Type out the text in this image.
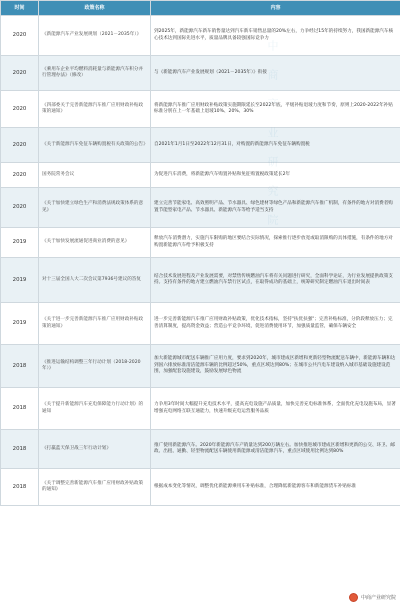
时间	政策名称	内容
2020	《新能源汽车产业发展规划（2021－2035年）》	到2025年，新能源汽车新车销售量达到汽车新车销售总量的20%左右，力争经过15年的持续努力，我国新能源汽车核心技术达到国际先进水平，质量品牌具备较强国际竞争力
2020	《乘用车企业平均燃料消耗量与新能源汽车积分并行管理办法》（修改）	与《新能源汽车产业发展规划（2021－2035年）》衔接
2020	《四部委关于完善新能源汽车推广应用财政补贴政策的通知》	将新能源汽车推广应用财政补贴政策实施期限延长至2022年底，平缓补贴退坡力度和节奏，原则上2020-2022年补贴标准分别在上一年基础上退坡10%、20%、30%
2020	《关于新能源汽车免征车辆购置税有关政策的公告》	自2021年1月1日至2022年12月31日，对购置的新能源汽车免征车辆购置税
2020	国务院常务会议	为促进汽车消费，将新能源汽车购置补贴和免征购置税政策延长2年
2020	《关于加快建立绿色生产和消费法规政策体系的意见》	建立完善节能家电、高效照明产品、节水器具、绿色建材等绿色产品和新能源汽车推广机制，有条件的地方对消费者购置节能型家电产品、节水器具、新能源汽车等给予适当支持
2019	《关于加快发展流通促进商业消费的意见》	释放汽车消费潜力，实施汽车限购的地区要结合实际情况，探索推行逐步放宽或取消限购的具体措施，有条件的地方对购置新能源汽车给予积极支持
2019	对十三届全国人大二次会议第7936号建议的答复	结合技术发展进程及产业发展需要，对禁售传统燃油汽车将有关问题进行研究，全面科学论证，为行业发展提供政策支持。支持有条件的地方建立燃油汽车禁行区试点，在取得成功的基础上，统筹研究制定燃油汽车退出时间表
2019	《关于进一步完善新能源汽车推广应用财政补贴政策的通知》	进一步完善新能源汽车推广应用财政补贴政策，优化技术指标，坚持"扶优扶强"；完善补贴标准，分阶段释放压力；完善清算制度，提高资金效益；营造公平竞争环境，促进消费使用环节，加强质量监管，确保车辆安全
2018	《推进运输结构调整三年行动计划（2018-2020年）》	加大新能源城市配送车辆推广应用力度，要求到2020年，城市建成区新增和更新轻型物流配送车辆中，新能源车辆和达到国六排放标准清洁能源车辆的比例超过50%，重点区域达到80%；在城市公共汽电车建设纳入城市基础设施建设范围，加强配套设施建设，鼓励发展绿色物流
2018	《关于提升新能源汽车充电保障能力行动计划》的通知	力争用3年时间大幅提升充电技术水平，提高充电设施产品质量，加快完善充电标准体系，全面优化充电设施布局，显著增强充电网络互联互通能力，快速升级充电运营服务品质
2018	《打赢蓝天保卫战三年行动计划》	推广使用新能源汽车。2020年新能源汽车产销量达到200万辆左右。加快推进城市建成区新增和更新的公交、环卫、邮政、出租、通勤、轻型物流配送车辆使用新能源或清洁能源汽车，重点区域使用比例达到80%
2018	《关于调整完善新能源汽车推广应用财政补贴政策的通知》	根据成本变化等情况，调整优化新能源乘用车补贴标准，合理降低新能源客车和新能源货车补贴标准
中商产业研究院
